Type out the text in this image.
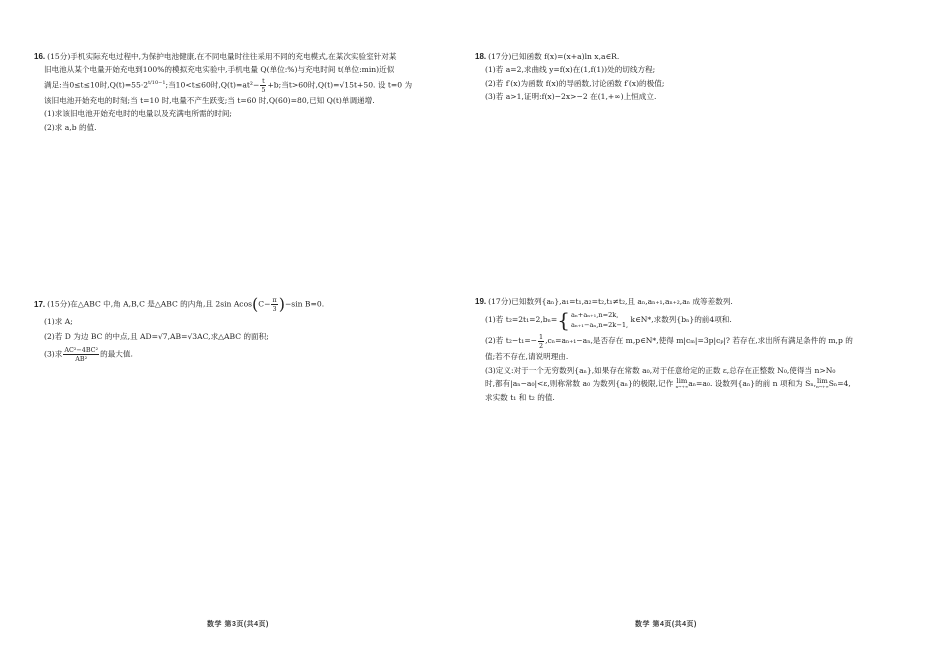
16. (15分)手机实际充电过程中,为保护电池健康,在不同电量时往往采用不同的充电模式,在某次实验室针对某
旧电池从某个电量开始充电到100%的模拟充电实验中,手机电量 Q(单位:%)与充电时间 t(单位:min)近似
满足:当0≤t≤10时$,Q(t)=55\cdot 2^{t/10-1}$;当10<t≤60时$,Q(t)=at^2- \frac{t}{5} +b$;当t>60时,Q(t)=√15t+50. 设 t=0 为
该旧电池开始充电的时刻;当 t=10 时,电量不产生跃变;当 t=60 时,Q(60)=80,已知 Q(t)单调递增.
(1)求该旧电池开始充电时的电量以及充满电所需的时间;
(2)求 a,b 的值.
17. (15分)在△ABC 中,角 A,B,C 是△ABC 的内角,且 2sin $Acos(C- \frac{\pi}{3} )-\sin$ B=0.
(1)求 A;
(2)若 D 为边 BC 的中点,且 AD=√7,AB=√3AC,求△ABC 的面积;
(3)求 $\frac{\text{AC²−4BC²}}{\text{AB²}}$ 的最大值.
数学 第3页(共4页)
18. (17分)已知函数 f(x)=(x+a)ln x,a∈R.
(1)若 a=2,求曲线 y=f(x)在(1,f(1))处的切线方程;
(2)若 f′(x)为函数 f(x)的导函数,讨论函数 f′(x)的极值;
(3)若 a>1,证明:f(x)−2x>−2 在(1,+∞)上恒成立.
19. (17分)已知数列{aₙ},a₁=t₁,a₂=t₂,t₁≠t₂,且 aₙ,aₙ₊₁,aₙ₊₂,aₙ 成等差数列.
(1)若 t₂=2t₁=2,bₙ= { aₙ+aₙ₊₁,n=2k,
aₙ₊₁−aₙ,n=2k−1,
k∈N*,求数列{bₙ}的前4项和.
(2)若 $t_2-t_1=- \frac{1}{2} ,c_n=a_{n+1}-a_n$,是否存在 m,p∈N*,使得 m|cₘ|=3p|cₚ|? 若存在,求出所有满足条件的 m,p 的
值;若不存在,请说明理由.
(3)定义:对于一个无穷数列{aₙ},如果存在常数 a₀,对于任意给定的正数 ε,总存在正整数 N₀,使得当 n>N₀
时,都有|aₙ−a₀|<ε,则称常数 a₀ 为数列{aₙ}的极限,记作 lim
n→+∞ aₙ=a₀. 设数列{aₙ}的前 n 项和为 Sₙ, lim
n→+∞ Sₙ=4,
求实数 t₁ 和 t₂ 的值.
数学 第4页(共4页)
